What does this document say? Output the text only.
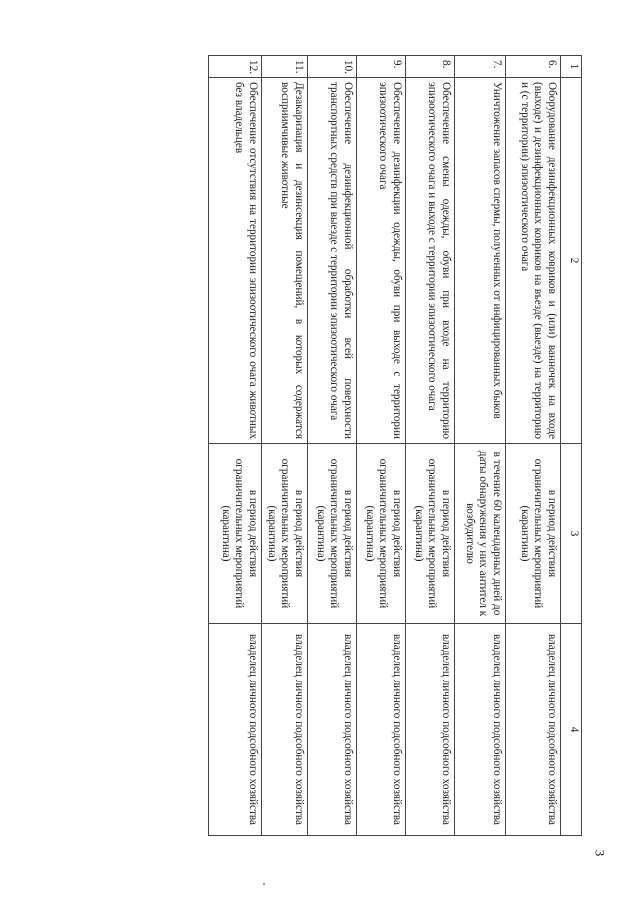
3
1	2	3	4
6.	Оборудование дезинфекционных ковриков и (или) ванночек на входе (выходе) и дезинфекционных ковриков на въезде (выезде) на территорию и (с территории) эпизоотического очага	в период действия ограничительных мероприятий (карантина)	владелец личного подсобного хозяйства
7.	Уничтожение запасов спермы, полученных от инфицированных быков	в течение 60 календарных дней до даты обнаружения у них антител к возбудителю	владелец личного подсобного хозяйства
8.	Обеспечение смены одежды, обуви при входе на территорию эпизоотического очага и выходе с территории эпизоотического очага	в период действия ограничительных мероприятий (карантина)	владелец личного подсобного хозяйства
9.	Обеспечение дезинфекции одежды, обуви при выходе с территории эпизоотического очага	в период действия ограничительных мероприятий (карантина)	владелец личного подсобного хозяйства
10.	Обеспечение дезинфекционной обработки всей поверхности транспортных средств при выезде с территории эпизоотического очага	в период действия ограничительных мероприятий (карантина)	владелец личного подсобного хозяйства
11.	Дезакаризация и дезинсекция помещений, в которых содержатся восприимчивые животные	в период действия ограничительных мероприятий (карантина)	владелец личного подсобного хозяйства
12.	Обеспечение отсутствия на территории эпизоотического очага животных без владельцев	в период действия ограничительных мероприятий (карантина)	владелец личного подсобного хозяйства
